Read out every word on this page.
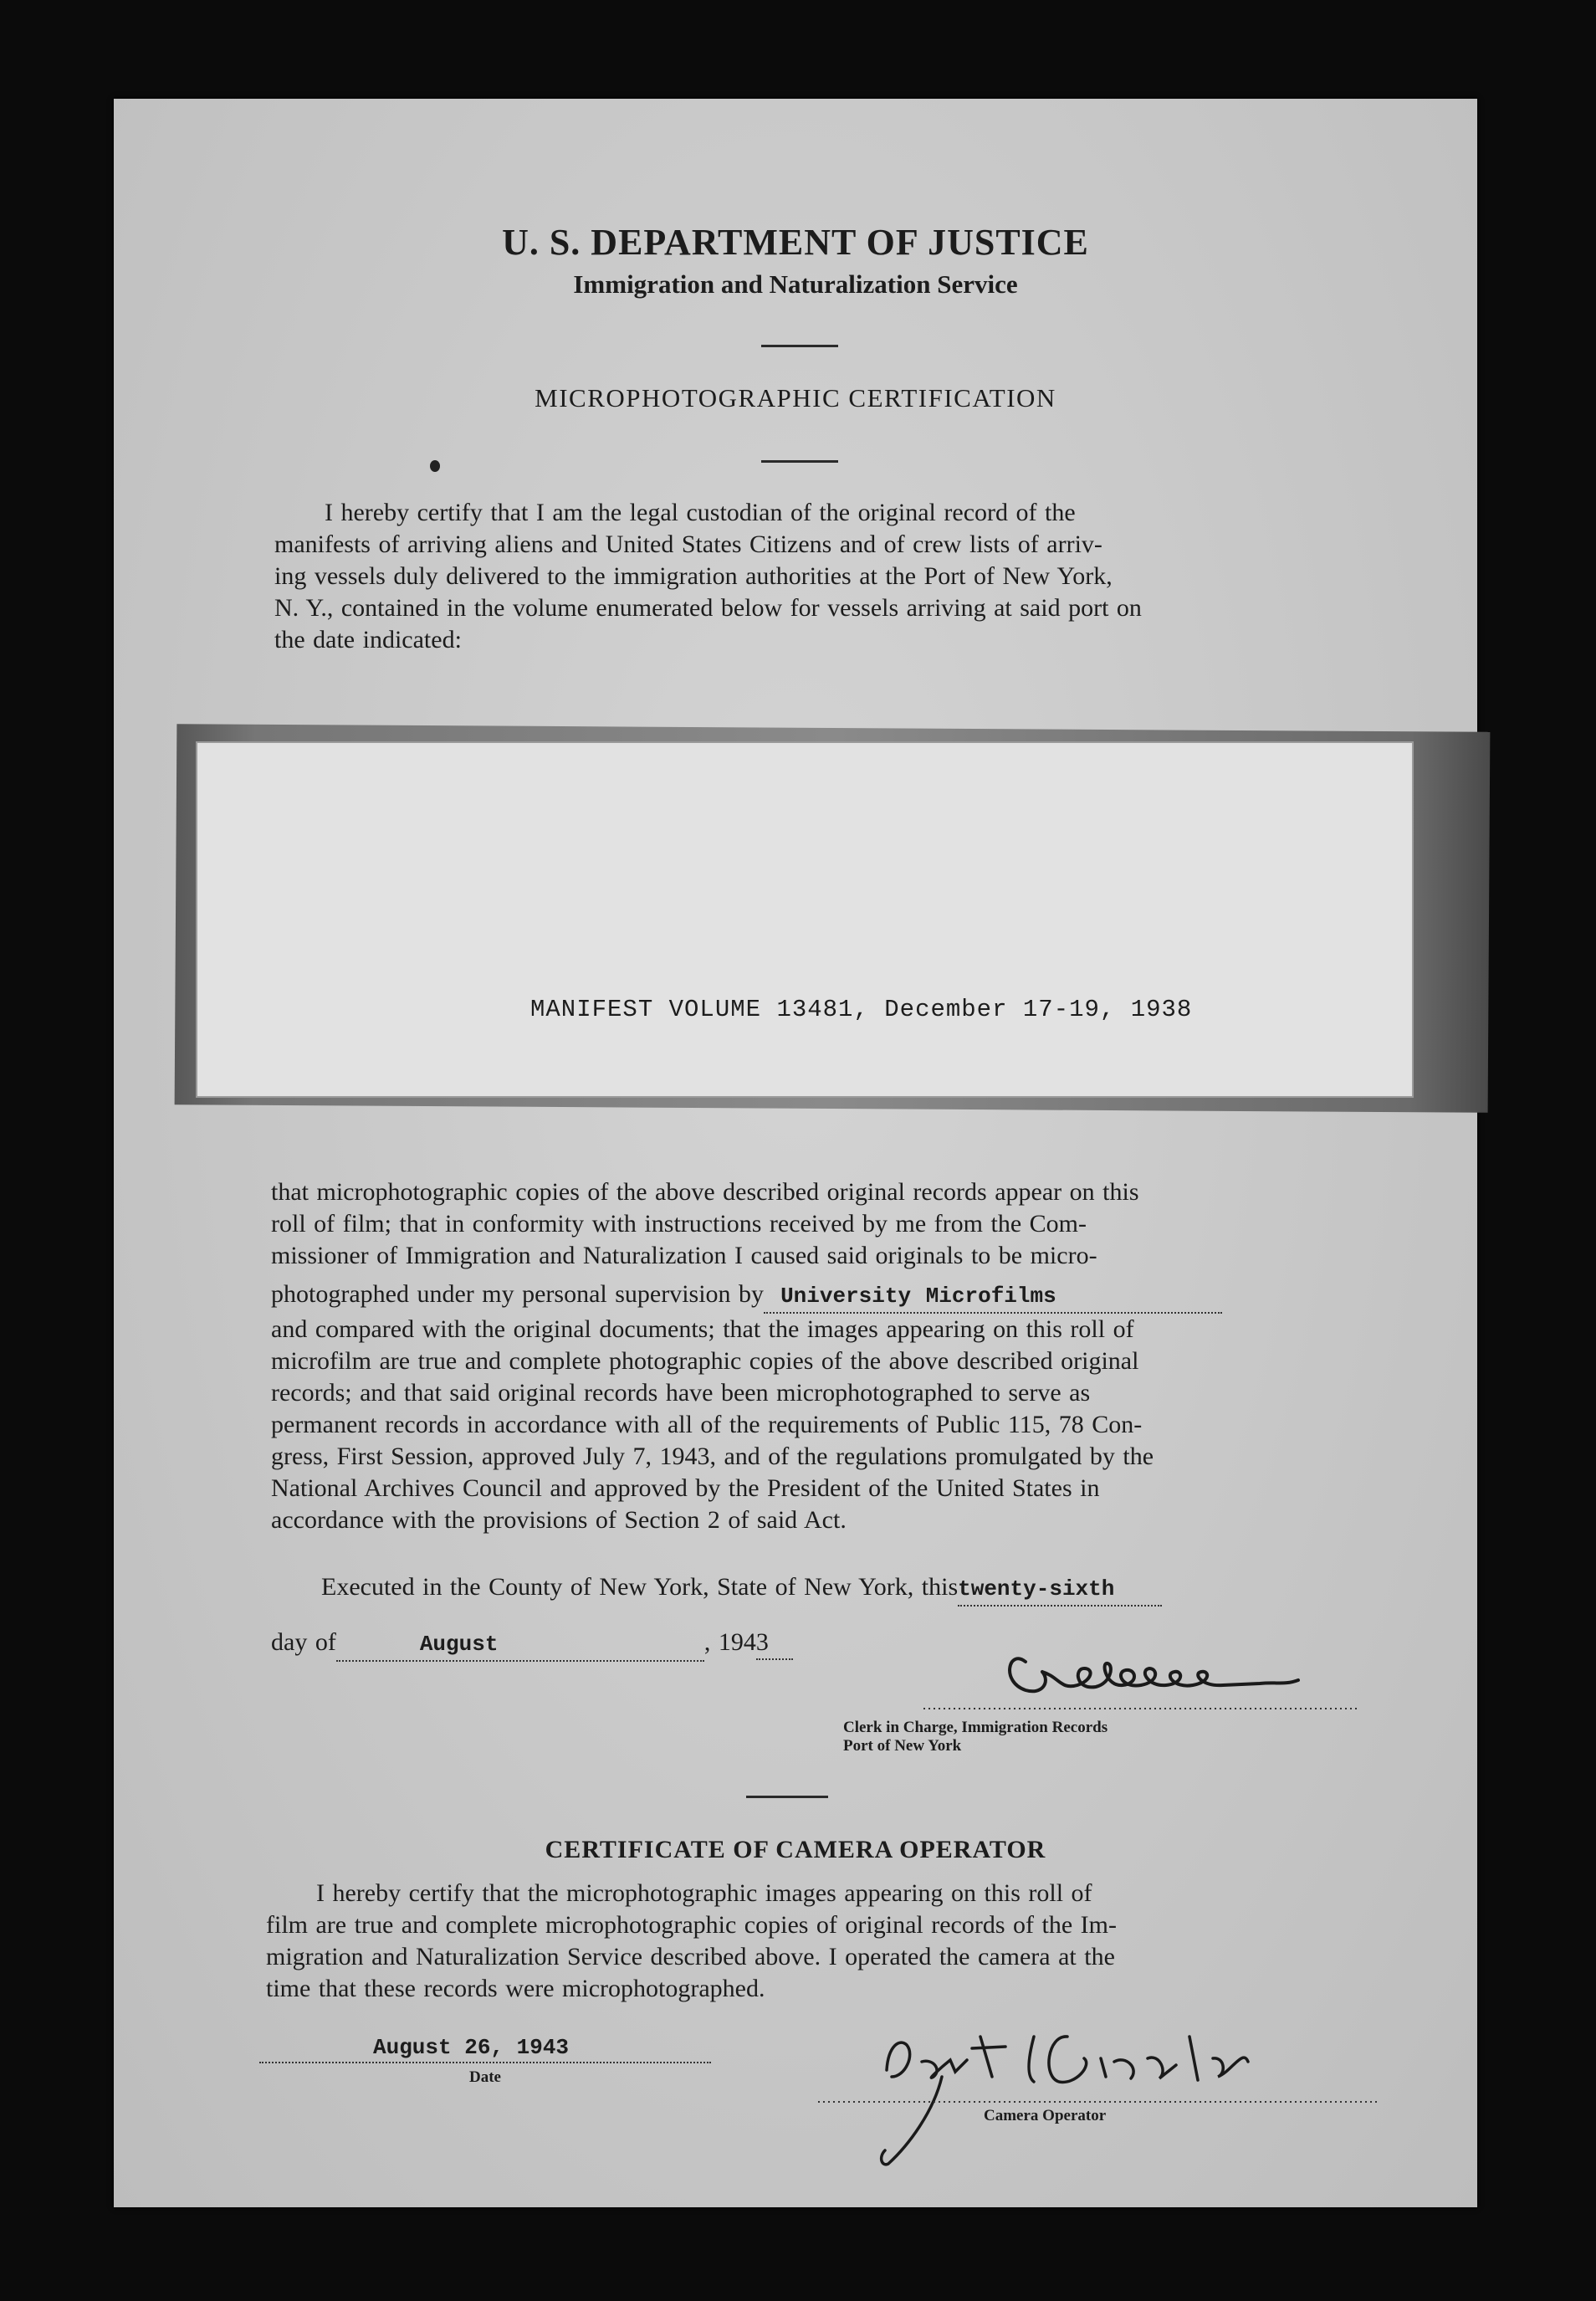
U. S. DEPARTMENT OF JUSTICE
Immigration and Naturalization Service
MICROPHOTOGRAPHIC CERTIFICATION
I hereby certify that I am the legal custodian of the original record of the
manifests of arriving aliens and United States Citizens and of crew lists of arriv-
ing vessels duly delivered to the immigration authorities at the Port of New York,
N. Y., contained in the volume enumerated below for vessels arriving at said port on
the date indicated:
MANIFEST VOLUME 13481, December 17-19, 1938
that microphotographic copies of the above described original records appear on this
roll of film; that in conformity with instructions received by me from the Com-
missioner of Immigration and Naturalization I caused said originals to be micro-
photographed under my personal supervision by University Microfilms
and compared with the original documents; that the images appearing on this roll of
microfilm are true and complete photographic copies of the above described original
records; and that said original records have been microphotographed to serve as
permanent records in accordance with all of the requirements of Public 115, 78 Con-
gress, First Session, approved July 7, 1943, and of the regulations promulgated by the
National Archives Council and approved by the President of the United States in
accordance with the provisions of Section 2 of said Act.
Executed in the County of New York, State of New York, thistwenty-sixth
day of	August	, 1943
Clerk in Charge, Immigration Records
Port of New York
CERTIFICATE OF CAMERA OPERATOR
I hereby certify that the microphotographic images appearing on this roll of
film are true and complete microphotographic copies of original records of the Im-
migration and Naturalization Service described above. I operated the camera at the
time that these records were microphotographed.
August 26, 1943
Date
Camera Operator
